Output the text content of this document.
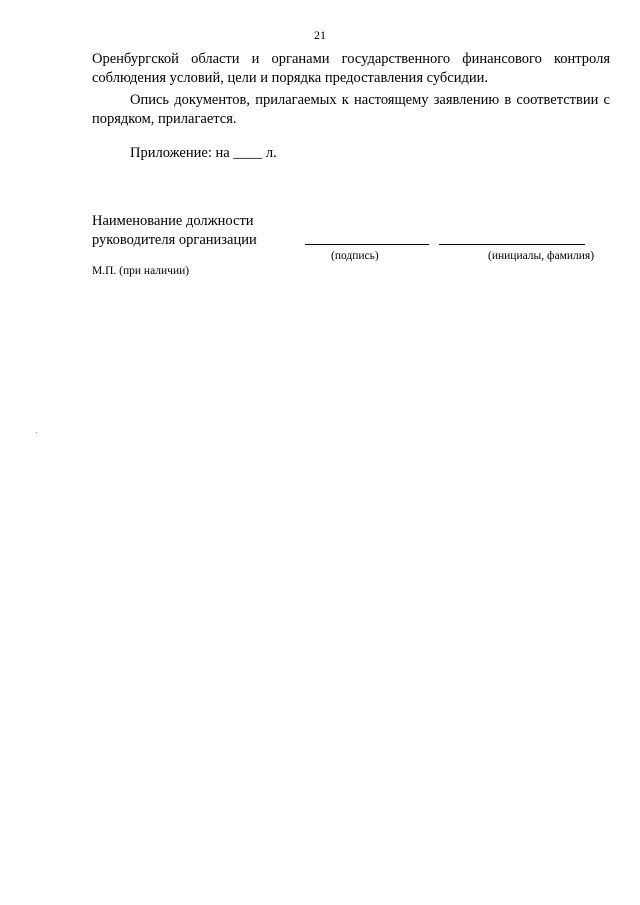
21
Оренбургской области и органами государственного финансового контроля соблюдения условий, цели и порядка предоставления субсидии.
Опись документов, прилагаемых к настоящему заявлению в соответствии с порядком, прилагается.
Приложение: на ____ л.
Наименование должности
руководителя организации
(подпись)	(инициалы, фамилия)
М.П. (при наличии)
